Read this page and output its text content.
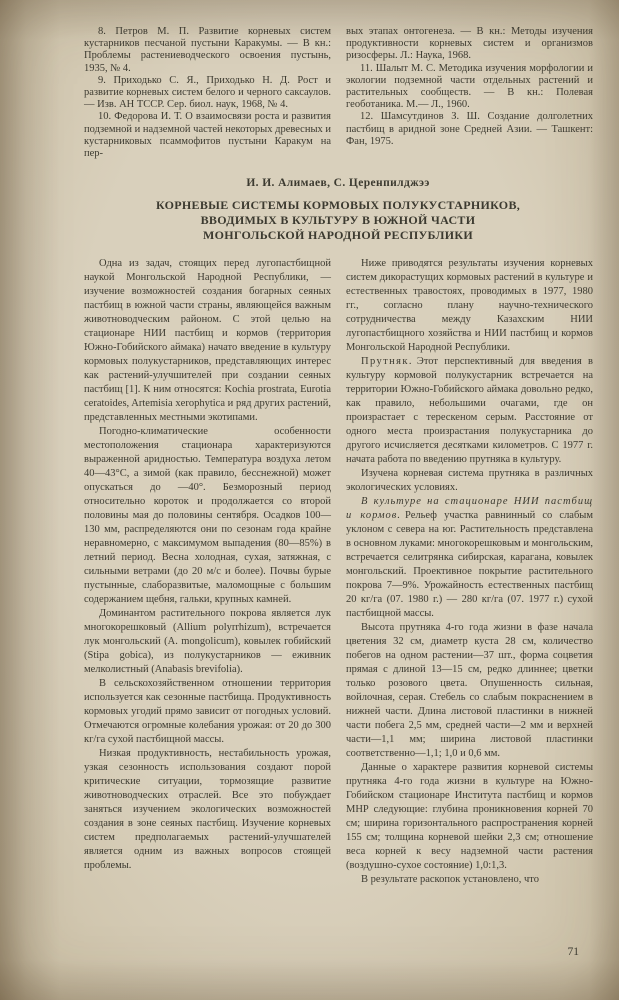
8. Петров М. П. Развитие корневых систем кустарников песчаной пустыни Каракумы. — В кн.: Проблемы растениеводческого освоения пустынь, 1935, № 4.

9. Приходько С. Я., Приходько Н. Д. Рост и развитие корневых систем белого и черного саксаулов. — Изв. АН ТССР. Сер. биол. наук, 1968, № 4.

10. Федорова И. Т. О взаимосвязи роста и развития подземной и надземной частей некоторых древесных и кустарниковых псаммофитов пустыни Каракум на пер-

вых этапах онтогенеза. — В кн.: Методы изучения продуктивности корневых систем и организмов ризосферы. Л.: Наука, 1968.

11. Шалыт М. С. Методика изучения морфологии и экологии подземной части отдельных растений и растительных сообществ. — В кн.: Полевая геоботаника. М.— Л., 1960.

12. Шамсутдинов З. Ш. Создание долголетних пастбищ в аридной зоне Средней Азии. — Ташкент: Фан, 1975.

И. И. Алимаев, С. Церенпилджээ
КОРНЕВЫЕ СИСТЕМЫ КОРМОВЫХ ПОЛУКУСТАРНИКОВ,
ВВОДИМЫХ В КУЛЬТУРУ В ЮЖНОЙ ЧАСТИ
МОНГОЛЬСКОЙ НАРОДНОЙ РЕСПУБЛИКИ

Одна из задач, стоящих перед лугопастбищной наукой Монгольской Народной Республики, — изучение возможностей создания богарных сеяных пастбищ в южной части страны, являющейся важным животноводческим районом. С этой целью на стационаре НИИ пастбищ и кормов (территория Южно-Гобийского аймака) начато введение в культуру кормовых полукустарников, представляющих интерес как растений-улучшителей при создании сеяных пастбищ [1]. К ним относятся: Kochia prostrata, Eurotia ceratoides, Artemisia xerophytica и ряд других растений, представленных местными экотипами.

Погодно-климатические особенности местоположения стационара характеризуются выраженной аридностью. Температура воздуха летом 40—43°С, а зимой (как правило, бесснежной) может опускаться до —40°. Безморозный период относительно короток и продолжается со второй половины мая до половины сентября. Осадков 100—130 мм, распределяются они по сезонам года крайне неравномерно, с максимумом выпадения (80—85%) в летний период. Весна холодная, сухая, затяжная, с сильными ветрами (до 20 м/с и более). Почвы бурые пустынные, слаборазвитые, маломощные с большим содержанием щебня, гальки, крупных камней.

Доминантом растительного покрова является лук многокорешковый (Allium polyrrhizum), встречается лук монгольский (A. mongolicum), ковылек гобийский (Stipa gobica), из полукустарников — еживник мелколистный (Anabasis brevifolia).

В сельскохозяйственном отношении территория используется как сезонные пастбища. Продуктивность кормовых угодий прямо зависит от погодных условий. Отмечаются огромные колебания урожая: от 20 до 300 кг/га сухой пастбищной массы.

Низкая продуктивность, нестабильность урожая, узкая сезонность использования создают порой критические ситуации, тормозящие развитие животноводческих отраслей. Все это побуждает заняться изучением экологических возможностей создания в зоне сеяных пастбищ. Изучение корневых систем предполагаемых растений-улучшателей является одним из важных вопросов стоящей проблемы.

Ниже приводятся результаты изучения корневых систем дикорастущих кормовых растений в культуре и естественных травостоях, проводимых в 1977, 1980 гг., согласно плану научно-технического сотрудничества между Казахским НИИ лугопастбищного хозяйства и НИИ пастбищ и кормов Монгольской Народной Республики.

Прутняк. Этот перспективный для введения в культуру кормовой полукустарник встречается на территории Южно-Гобийского аймака довольно редко, как правило, небольшими очагами, где он произрастает с терескеном серым. Расстояние от одного места произрастания полукустарника до другого исчисляется десятками километров. С 1977 г. начата работа по введению прутняка в культуру.

Изучена корневая система прутняка в различных экологических условиях.

В культуре на стационаре НИИ пастбищ и кормов. Рельеф участка равнинный со слабым уклоном с севера на юг. Растительность представлена в основном луками: многокорешковым и монгольским, встречается селитрянка сибирская, карагана, ковылек монгольский. Проективное покрытие растительного покрова 7—9%. Урожайность естественных пастбищ 20 кг/га (07. 1980 г.) — 280 кг/га (07. 1977 г.) сухой пастбищной массы.

Высота прутняка 4-го года жизни в фазе начала цветения 32 см, диаметр куста 28 см, количество побегов на одном растении—37 шт., форма соцветия прямая с длиной 13—15 см, редко длиннее; цветки только розового цвета. Опушенность сильная, войлочная, серая. Стебель со слабым покраснением в нижней части. Длина листовой пластинки в нижней части побега 2,5 мм, средней части—2 мм и верхней части—1,1 мм; ширина листовой пластинки соответственно—1,1; 1,0 и 0,6 мм.

Данные о характере развития корневой системы прутняка 4-го года жизни в культуре на Южно-Гобийском стационаре Института пастбищ и кормов МНР следующие: глубина проникновения корней 70 см; ширина горизонтального распространения корней 155 см; толщина корневой шейки 2,3 см; отношение веса корней к весу надземной части растения (воздушно-сухое состояние) 1,0:1,3.

В результате раскопок установлено, что

71
